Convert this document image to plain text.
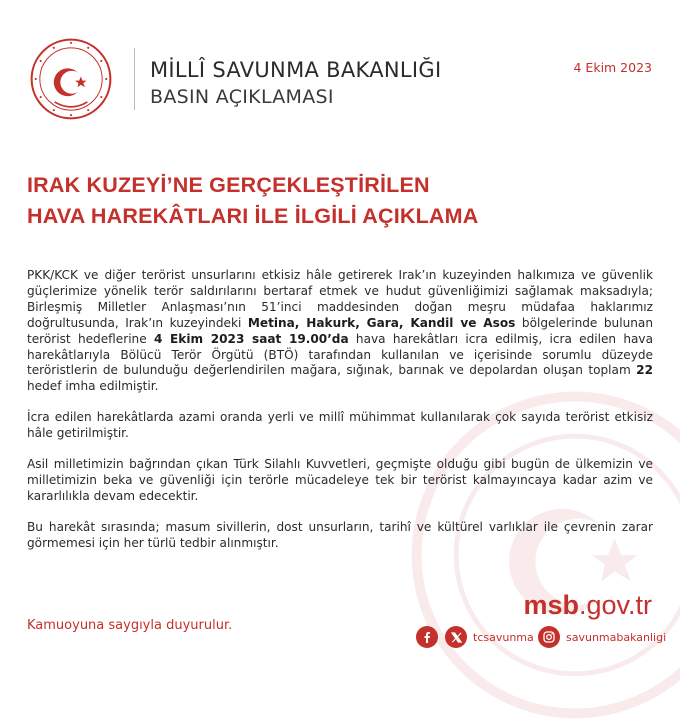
MİLLÎ SAVUNMA BAKANLIĞI
BASIN AÇIKLAMASI
4 Ekim 2023
IRAK KUZEYİ’NE GERÇEKLEŞTİRİLEN
HAVA HAREKÂTLARI İLE İLGİLİ AÇIKLAMA

PKK/KCK ve diğer terörist unsurlarını etkisiz hâle getirerek Irak’ın kuzeyinden halkımıza ve güvenlik güçlerimize yönelik terör saldırılarını bertaraf etmek ve hudut güvenliğimizi sağlamak maksadıyla; Birleşmiş Milletler Anlaşması’nın 51’inci maddesinden doğan meşru müdafaa haklarımız doğrultusunda, Irak’ın kuzeyindeki Metina, Hakurk, Gara, Kandil ve Asos bölgelerinde bulunan terörist hedeflerine 4 Ekim 2023 saat 19.00’da hava harekâtları icra edilmiş, icra edilen hava harekâtlarıyla Bölücü Terör Örgütü (BTÖ) tarafından kullanılan ve içerisinde sorumlu düzeyde teröristlerin de bulunduğu değerlendirilen mağara, sığınak, barınak ve depolardan oluşan toplam 22 hedef imha edilmiştir.

İcra edilen harekâtlarda azami oranda yerli ve millî mühimmat kullanılarak çok sayıda terörist etkisiz hâle getirilmiştir.

Asil milletimizin bağrından çıkan Türk Silahlı Kuvvetleri, geçmişte olduğu gibi bugün de ülkemizin ve milletimizin beka ve güvenliği için terörle mücadeleye tek bir terörist kalmayıncaya kadar azim ve kararlılıkla devam edecektir.

Bu harekât sırasında; masum sivillerin, dost unsurların, tarihî ve kültürel varlıklar ile çevrenin zarar görmemesi için her türlü tedbir alınmıştır.

Kamuoyuna saygıyla duyurulur.
msb.gov.tr
tcsavunma	savunmabakanligi
